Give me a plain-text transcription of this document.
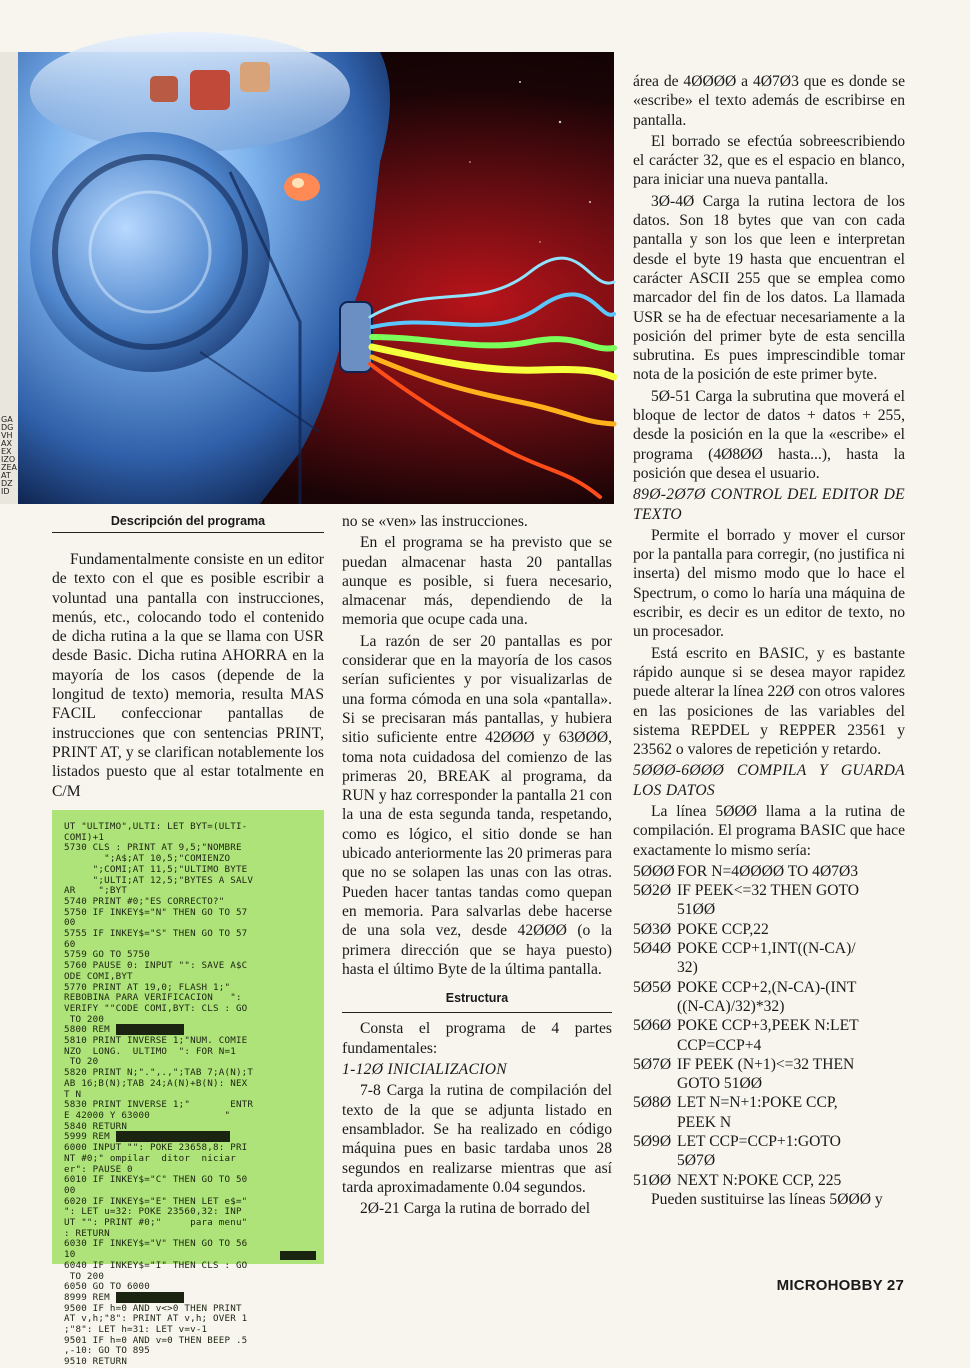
GA
DG
VH
AX
EX
IZO
ZEA
AT
DZ
ID
Descripción del programa

Fundamentalmente consiste en un editor de texto con el que es posible escribir a voluntad una pantalla con instrucciones, menús, etc., colocando todo el contenido de dicha rutina a la que se llama con USR desde Basic. Dicha rutina AHORRA en la mayoría de los casos (depende de la longitud de texto) memoria, resulta MAS FACIL confeccionar pantallas de instrucciones que con sentencias PRINT, PRINT AT, y se clarifican notablemente los listados puesto que al estar totalmente en C/M

UT "ULTIMO",ULTI: LET BYT=(ULTI-
COMI)+1
5730 CLS : PRINT AT 9,5;"NOMBRE
";A$;AT 10,5;"COMIENZO
";COMI;AT 11,5;"ULTIMO BYTE
";ULTI;AT 12,5;"BYTES A SALV
AR    ";BYT
5740 PRINT #0;"ES CORRECTO?"
5750 IF INKEY$="N" THEN GO TO 57
00
5755 IF INKEY$="S" THEN GO TO 57
60
5759 GO TO 5750
5760 PAUSE 0: INPUT "": SAVE A$C
ODE COMI,BYT
5770 PRINT AT 19,0; FLASH 1;"
REBOBINA PARA VERIFICACION   ":
VERIFY ""CODE COMI,BYT: CLS : GO
TO 200
5800 REM
5810 PRINT INVERSE 1;"NUM. COMIE
NZO  LONG.  ULTIMO  ": FOR N=1
TO 20
5820 PRINT N;".",.,";TAB 7;A(N);T
AB 16;B(N);TAB 24;A(N)+B(N): NEX
T N
5830 PRINT INVERSE 1;"       ENTR
E 42000 Y 63000             "
5840 RETURN
5999 REM
6000 INPUT "": POKE 23658,8: PRI
NT #0;" ompilar  ditor  niciar
er": PAUSE 0
6010 IF INKEY$="C" THEN GO TO 50
00
6020 IF INKEY$="E" THEN LET e$="
": LET u=32: POKE 23560,32: INP
UT "": PRINT #0;"     para menu"
: RETURN
6030 IF INKEY$="V" THEN GO TO 56
10
6040 IF INKEY$="I" THEN CLS : GO
TO 200
6050 GO TO 6000
8999 REM
9500 IF h=0 AND v<>0 THEN PRINT
AT v,h;"8": PRINT AT v,h; OVER 1
;"8": LET h=31: LET v=v-1
9501 IF h=0 AND v=0 THEN BEEP .5
,-10: GO TO 895
9510 RETURN

no se «ven» las instrucciones.

En el programa se ha previsto que se puedan almacenar hasta 20 pantallas aunque es posible, si fuera necesario, almacenar más, dependiendo de la memoria que ocupe cada una.

La razón de ser 20 pantallas es por considerar que en la mayoría de los casos serían suficientes y por visualizarlas de una forma cómoda en una sola «pantalla». Si se precisaran más pantallas, y hubiera sitio suficiente entre 42ØØØ y 63ØØØ, toma nota cuidadosa del comienzo de las primeras 20, BREAK al programa, da RUN y haz corresponder la pantalla 21 con la una de esta segunda tanda, respetando, como es lógico, el sitio donde se han ubicado anteriormente las 20 primeras para que no se solapen las unas con las otras. Pueden hacer tantas tandas como quepan en memoria. Para salvarlas debe hacerse de una sola vez, desde 42ØØØ (o la primera dirección que se haya puesto) hasta el último Byte de la última pantalla.

Estructura

Consta el programa de 4 partes fundamentales:

1-12Ø INICIALIZACION

7-8 Carga la rutina de compilación del texto de la que se adjunta listado en ensamblador. Se ha realizado en código máquina pues en basic tardaba unos 28 segundos en realizarse mientras que así tarda aproximadamente 0.04 segundos.

2Ø-21 Carga la rutina de borrado del

área de 4ØØØØ a 4Ø7Ø3 que es donde se «escribe» el texto además de escribirse en pantalla.

El borrado se efectúa sobreescribiendo el carácter 32, que es el espacio en blanco, para iniciar una nueva pantalla.

3Ø-4Ø Carga la rutina lectora de los datos. Son 18 bytes que van con cada pantalla y son los que leen e interpretan desde el byte 19 hasta que encuentran el carácter ASCII 255 que se emplea como marcador del fin de los datos. La llamada USR se ha de efectuar necesariamente a la posición del primer byte de esta sencilla subrutina. Es pues imprescindible tomar nota de la posición de este primer byte.

5Ø-51 Carga la subrutina que moverá el bloque de lector de datos + datos + 255, desde la posición en la que la «escribe» el programa (4Ø8ØØ hasta...), hasta la posición que desea el usuario.

89Ø-2Ø7Ø CONTROL DEL EDITOR DE TEXTO

Permite el borrado y mover el cursor por la pantalla para corregir, (no justifica ni inserta) del mismo modo que lo hace el Spectrum, o como lo haría una máquina de escribir, es decir es un editor de texto, no un procesador.

Está escrito en BASIC, y es bastante rápido aunque si se desea mayor rapidez puede alterar la línea 22Ø con otros valores en las posiciones de las variables del sistema REPDEL y REPPER 23561 y 23562 o valores de repetición y retardo.

5ØØØ-6ØØØ COMPILA Y GUARDA LOS DATOS

La línea 5ØØØ llama a la rutina de compilación. El programa BASIC que hace exactamente lo mismo sería:

5ØØØ FOR N=4ØØØØ TO 4Ø7Ø3
5Ø2Ø IF PEEK<=32 THEN GOTO
51ØØ
5Ø3Ø POKE CCP,22
5Ø4Ø POKE CCP+1,INT((N-CA)/
32)
5Ø5Ø POKE CCP+2,(N-CA)-(INT
((N-CA)/32)*32)
5Ø6Ø POKE CCP+3,PEEK N:LET
CCP=CCP+4
5Ø7Ø IF PEEK (N+1)<=32 THEN
GOTO 51ØØ
5Ø8Ø LET N=N+1:POKE CCP,
PEEK N
5Ø9Ø LET CCP=CCP+1:GOTO
5Ø7Ø
51ØØ NEXT N:POKE CCP, 225

Pueden sustituirse las líneas 5ØØØ y

MICROHOBBY 27
